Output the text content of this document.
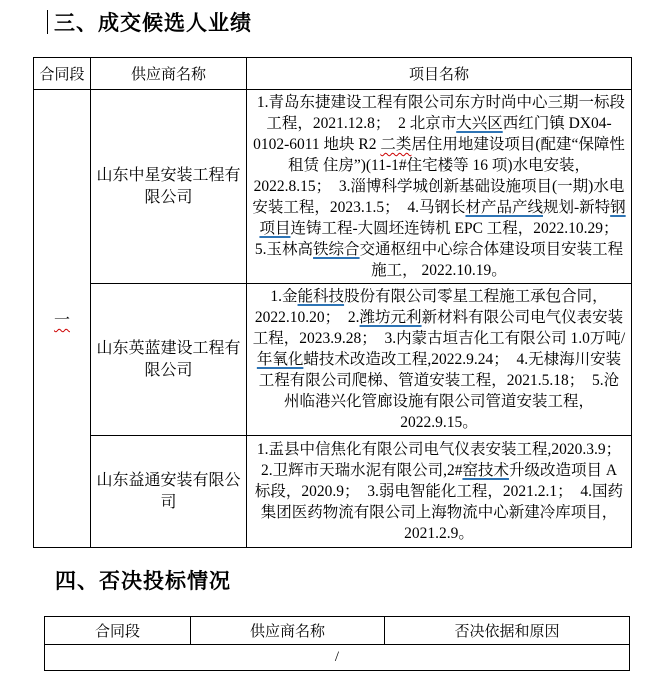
三、成交候选人业绩
合同段	供应商名称	项目名称
一	山东中星安装工程有限公司	1.青岛东捷建设工程有限公司东方时尚中心三期一标段工程，2021.12.8；  2 北京市大兴区西红门镇 DX04-0102-6011 地块 R2 二类居住用地建设项目(配建“保障性租赁 住房”)(11-1#住宅楼等 16 项)水电安装，2022.8.15；  3.淄博科学城创新基础设施项目(一期)水电安装工程，2023.1.5；  4.马钢长材产品产线规划-新特钢项目连铸工程-大圆坯连铸机 EPC 工程，2022.10.29；  5.玉林高铁综合交通枢纽中心综合体建设项目安装工程施工， 2022.10.19。
	山东英蓝建设工程有限公司	1.金能科技股份有限公司零星工程施工承包合同，2022.10.20；  2.潍坊元利新材料有限公司电气仪表安装工程，2023.9.28；  3.内蒙古垣吉化工有限公司 1.0万吨/年氧化蜡技术改造改工程,2022.9.24；  4.无棣海川安装工程有限公司爬梯、管道安装工程，2021.5.18；  5.沧州临港兴化管廊设施有限公司管道安装工程， 2022.9.15。
	山东益通安装有限公司	1.盂县中信焦化有限公司电气仪表安装工程,2020.3.9；  2.卫辉市天瑞水泥有限公司,2#窑技术升级改造项目 A 标段，2020.9；  3.弱电智能化工程，2021.2.1；  4.国药集团医药物流有限公司上海物流中心新建冷库项目， 2021.2.9。
四、否决投标情况
合同段	供应商名称	否决依据和原因
/
